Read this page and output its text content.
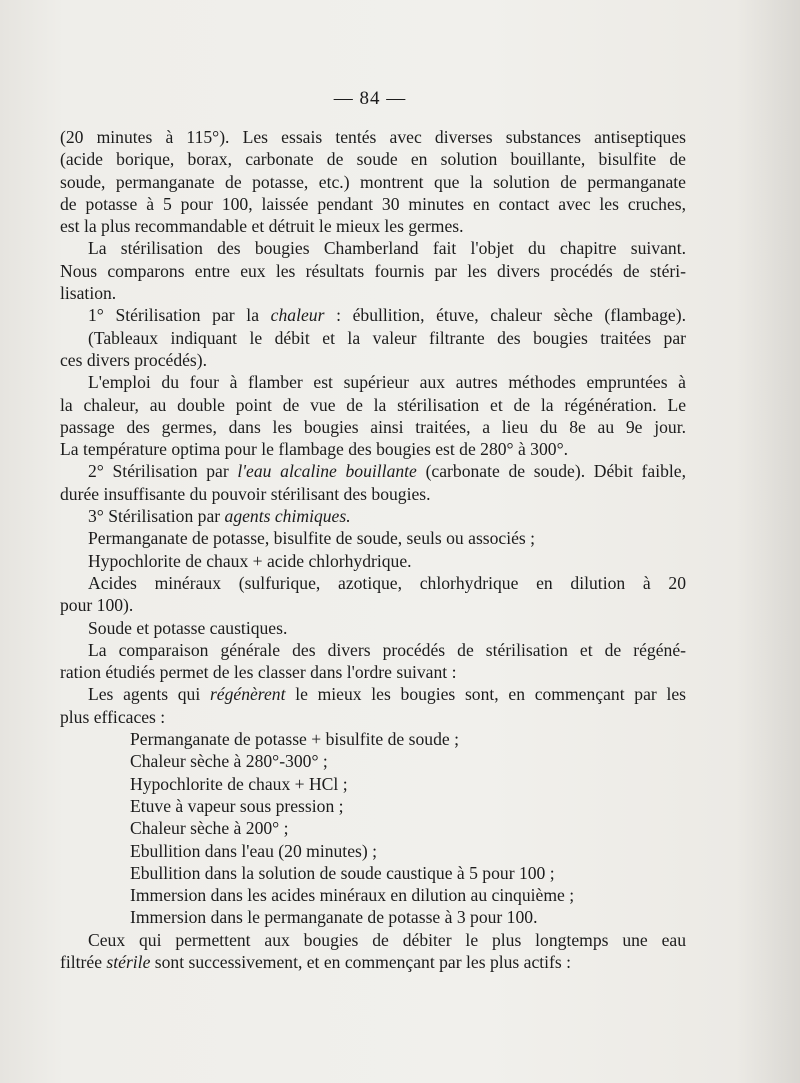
— 84 —
(20 minutes à 115°). Les essais tentés avec diverses substances antiseptiques
(acide borique, borax, carbonate de soude en solution bouillante, bisulfite de
soude, permanganate de potasse, etc.) montrent que la solution de permanganate
de potasse à 5 pour 100, laissée pendant 30 minutes en contact avec les cruches,
est la plus recommandable et détruit le mieux les germes.
La stérilisation des bougies Chamberland fait l'objet du chapitre suivant.
Nous comparons entre eux les résultats fournis par les divers procédés de stéri-
lisation.
1° Stérilisation par la chaleur : ébullition, étuve, chaleur sèche (flambage).
(Tableaux indiquant le débit et la valeur filtrante des bougies traitées par
ces divers procédés).
L'emploi du four à flamber est supérieur aux autres méthodes empruntées à
la chaleur, au double point de vue de la stérilisation et de la régénération. Le
passage des germes, dans les bougies ainsi traitées, a lieu du 8e au 9e jour.
La température optima pour le flambage des bougies est de 280° à 300°.
2° Stérilisation par l'eau alcaline bouillante (carbonate de soude). Débit faible,
durée insuffisante du pouvoir stérilisant des bougies.
3° Stérilisation par agents chimiques.
Permanganate de potasse, bisulfite de soude, seuls ou associés ;
Hypochlorite de chaux + acide chlorhydrique.
Acides minéraux (sulfurique, azotique, chlorhydrique en dilution à 20
pour 100).
Soude et potasse caustiques.
La comparaison générale des divers procédés de stérilisation et de régéné-
ration étudiés permet de les classer dans l'ordre suivant :
Les agents qui régénèrent le mieux les bougies sont, en commençant par les
plus efficaces :
Permanganate de potasse + bisulfite de soude ;
Chaleur sèche à 280°-300° ;
Hypochlorite de chaux + HCl ;
Etuve à vapeur sous pression ;
Chaleur sèche à 200° ;
Ebullition dans l'eau (20 minutes) ;
Ebullition dans la solution de soude caustique à 5 pour 100 ;
Immersion dans les acides minéraux en dilution au cinquième ;
Immersion dans le permanganate de potasse à 3 pour 100.
Ceux qui permettent aux bougies de débiter le plus longtemps une eau
filtrée stérile sont successivement, et en commençant par les plus actifs :
